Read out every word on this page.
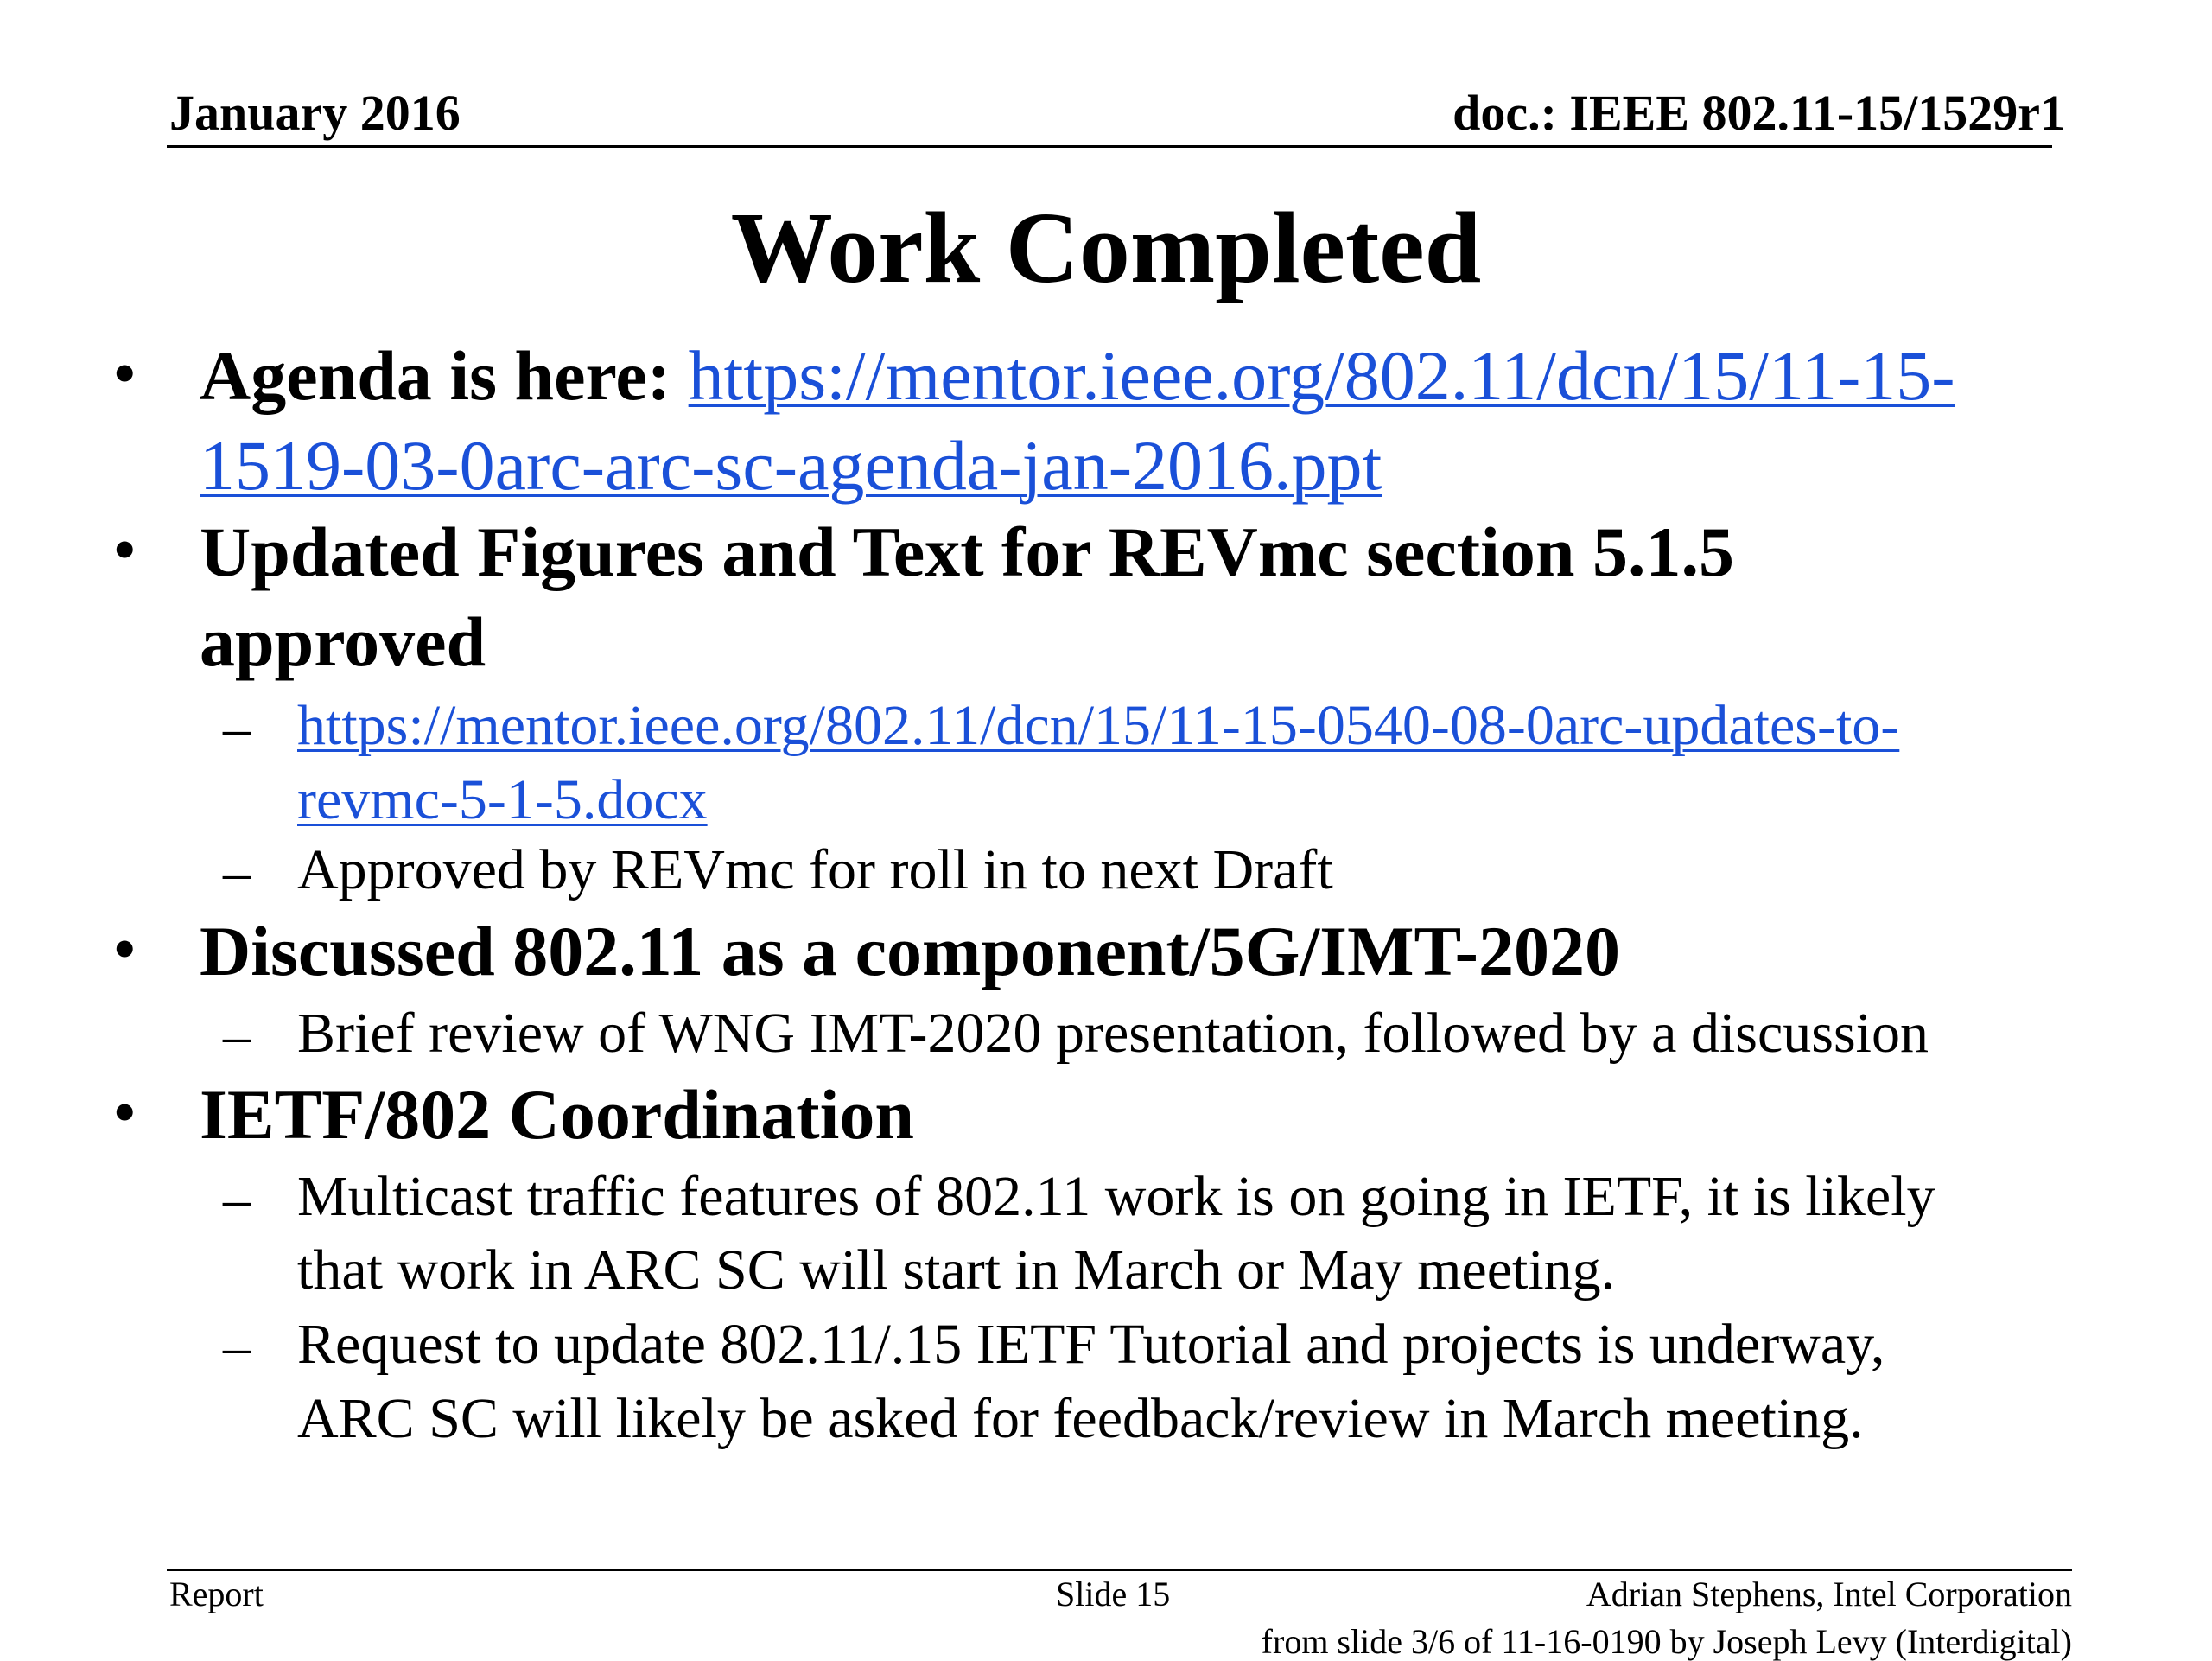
January 2016	doc.: IEEE 802.11-15/1529r1
Work Completed
• Agenda is here: https://mentor.ieee.org/802.11/dcn/15/11-15-
1519-03-0arc-arc-sc-agenda-jan-2016.ppt
• Updated Figures and Text for REVmc section 5.1.5
approved
– https://mentor.ieee.org/802.11/dcn/15/11-15-0540-08-0arc-updates-to-
revmc-5-1-5.docx
– Approved by REVmc for roll in to next Draft
• Discussed 802.11 as a component/5G/IMT-2020
– Brief review of WNG IMT-2020 presentation, followed by a discussion
• IETF/802 Coordination
– Multicast traffic features of 802.11 work is on going in IETF, it is likely
that work in ARC SC will start in March or May meeting.
– Request to update 802.11/.15 IETF Tutorial and projects is underway,
ARC SC will likely be asked for feedback/review in March meeting.
Report	Slide 15	Adrian Stephens, Intel Corporation
from slide 3/6 of 11-16-0190 by Joseph Levy (Interdigital)
